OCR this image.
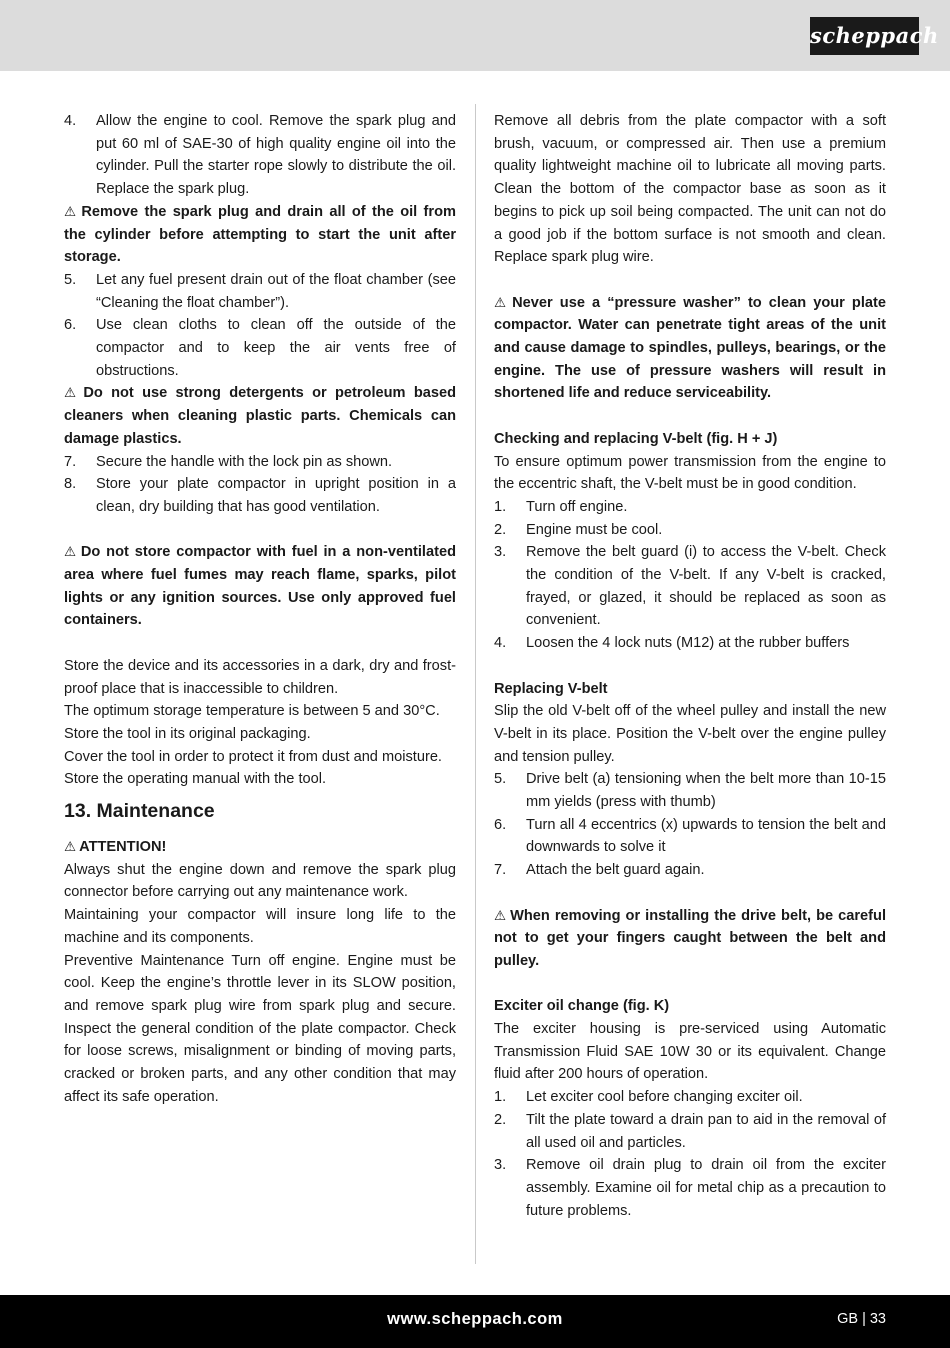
scheppach
4.	Allow the engine to cool. Remove the spark plug and put 60 ml of SAE-30 of high quality engine oil into the cylinder. Pull the starter rope slowly to distribute the oil. Replace the spark plug.

⚠ Remove the spark plug and drain all of the oil from the cylinder before attempting to start the unit after storage.

5.	Let any fuel present drain out of the float chamber (see “Cleaning the float chamber”).
6.	Use clean cloths to clean off the outside of the compactor and to keep the air vents free of obstructions.

⚠ Do not use strong detergents or petroleum based cleaners when cleaning plastic parts. Chemicals can damage plastics.

7.	Secure the handle with the lock pin as shown.
8.	Store your plate compactor in upright position in a clean, dry building that has good ventilation.

⚠ Do not store compactor with fuel in a non-ventilated area where fuel fumes may reach flame, sparks, pilot lights or any ignition sources. Use only approved fuel containers.

Store the device and its accessories in a dark, dry and frost-proof place that is inaccessible to children.

The optimum storage temperature is between 5 and 30°C.

Store the tool in its original packaging.

Cover the tool in order to protect it from dust and moisture.

Store the operating manual with the tool.

13. Maintenance

⚠ ATTENTION!

Always shut the engine down and remove the spark plug connector before carrying out any maintenance work.

Maintaining your compactor will insure long life to the machine and its components.

Preventive Maintenance Turn off engine. Engine must be cool. Keep the engine’s throttle lever in its SLOW position, and remove spark plug wire from spark plug and secure. Inspect the general condition of the plate compactor. Check for loose screws, misalignment or binding of moving parts, cracked or broken parts, and any other condition that may affect its safe operation.

Remove all debris from the plate compactor with a soft brush, vacuum, or compressed air. Then use a premium quality lightweight machine oil to lubricate all moving parts. Clean the bottom of the compactor base as soon as it begins to pick up soil being compacted. The unit can not do a good job if the bottom surface is not smooth and clean. Replace spark plug wire.

⚠ Never use a “pressure washer” to clean your plate compactor. Water can penetrate tight areas of the unit and cause damage to spindles, pulleys, bearings, or the engine. The use of pressure washers will result in shortened life and reduce serviceability.

Checking and replacing V-belt (fig. H + J)

To ensure optimum power transmission from the engine to the eccentric shaft, the V-belt must be in good condition.

1.	Turn off engine.
2.	Engine must be cool.
3.	Remove the belt guard (i) to access the V-belt. Check the condition of the V-belt. If any V-belt is cracked, frayed, or glazed, it should be replaced as soon as convenient.
4.	Loosen the 4 lock nuts (M12) at the rubber buffers

Replacing V-belt

Slip the old V-belt off of the wheel pulley and install the new V-belt in its place. Position the V-belt over the engine pulley and tension pulley.

5.	Drive belt (a) tensioning when the belt more than 10-15 mm yields (press with thumb)
6.	Turn all 4 eccentrics (x) upwards to tension the belt and downwards to solve it
7.	Attach the belt guard again.

⚠ When removing or installing the drive belt, be careful not to get your fingers caught between the belt and pulley.

Exciter oil change (fig. K)

The exciter housing is pre-serviced using Automatic Transmission Fluid SAE 10W 30 or its equivalent. Change fluid after 200 hours of operation.

1.	Let exciter cool before changing exciter oil.
2.	Tilt the plate toward a drain pan to aid in the removal of all used oil and particles.
3.	Remove oil drain plug to drain oil from the exciter assembly. Examine oil for metal chip as a precaution to future problems.
www.scheppach.com	GB | 33
